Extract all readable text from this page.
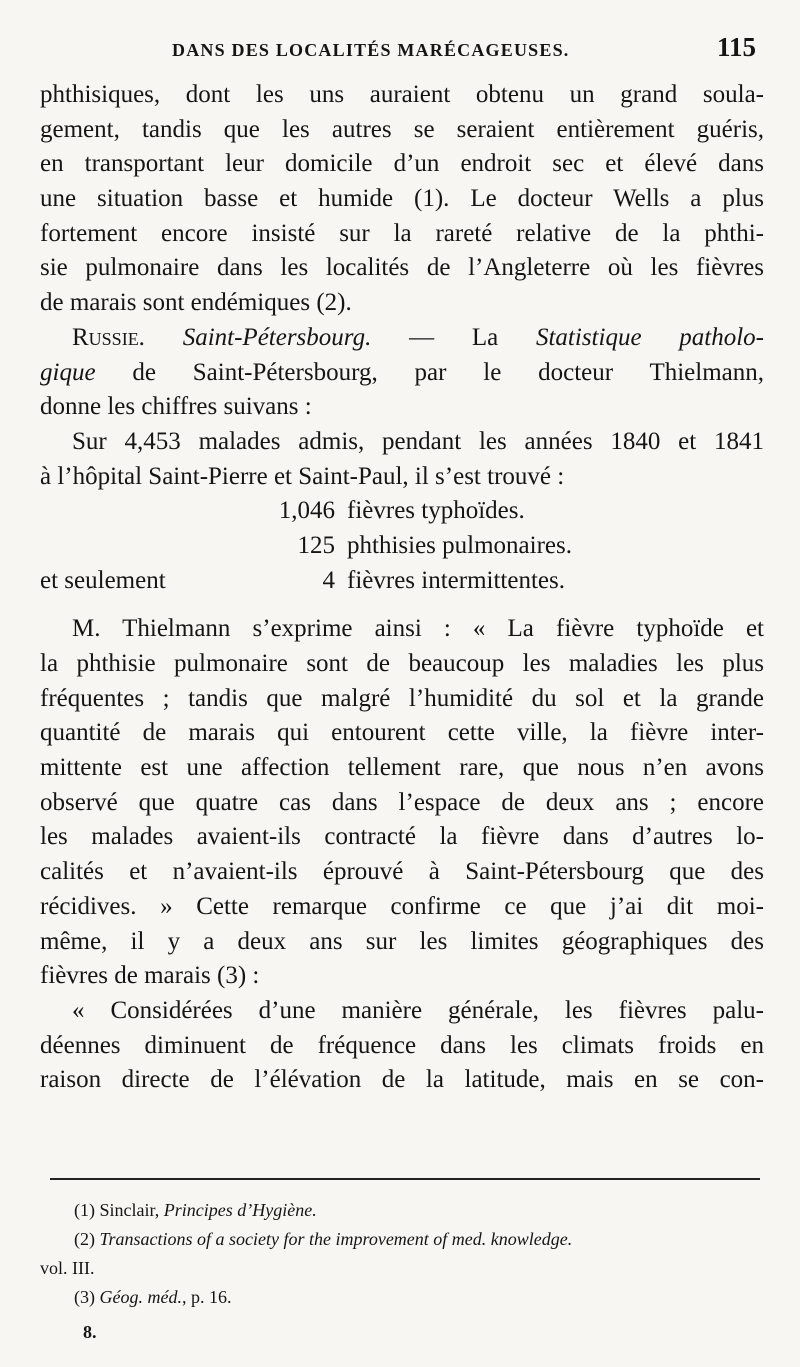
DANS DES LOCALITÉS MARÉCAGEUSES.	115
phthisiques, dont les uns auraient obtenu un grand soula-
gement, tandis que les autres se seraient entièrement guéris,
en transportant leur domicile d’un endroit sec et élevé dans
une situation basse et humide (1). Le docteur Wells a plus
fortement encore insisté sur la rareté relative de la phthi-
sie pulmonaire dans les localités de l’Angleterre où les fièvres
de marais sont endémiques (2).
Russie. Saint-Pétersbourg. — La Statistique patholo-
gique de Saint-Pétersbourg, par le docteur Thielmann,
donne les chiffres suivans :
Sur 4,453 malades admis, pendant les années 1840 et 1841
à l’hôpital Saint-Pierre et Saint-Paul, il s’est trouvé :
1,046 fièvres typhoïdes.
125 phthisies pulmonaires.
et seulement	4 fièvres intermittentes.
M. Thielmann s’exprime ainsi : « La fièvre typhoïde et
la phthisie pulmonaire sont de beaucoup les maladies les plus
fréquentes ; tandis que malgré l’humidité du sol et la grande
quantité de marais qui entourent cette ville, la fièvre inter-
mittente est une affection tellement rare, que nous n’en avons
observé que quatre cas dans l’espace de deux ans ; encore
les malades avaient-ils contracté la fièvre dans d’autres lo-
calités et n’avaient-ils éprouvé à Saint-Pétersbourg que des
récidives. » Cette remarque confirme ce que j’ai dit moi-
même, il y a deux ans sur les limites géographiques des
fièvres de marais (3) :
« Considérées d’une manière générale, les fièvres palu-
déennes diminuent de fréquence dans les climats froids en
raison directe de l’élévation de la latitude, mais en se con-
(1) Sinclair, Principes d’Hygiène.
(2) Transactions of a society for the improvement of med. knowledge.
vol. III.
(3) Géog. méd., p. 16.
8.
